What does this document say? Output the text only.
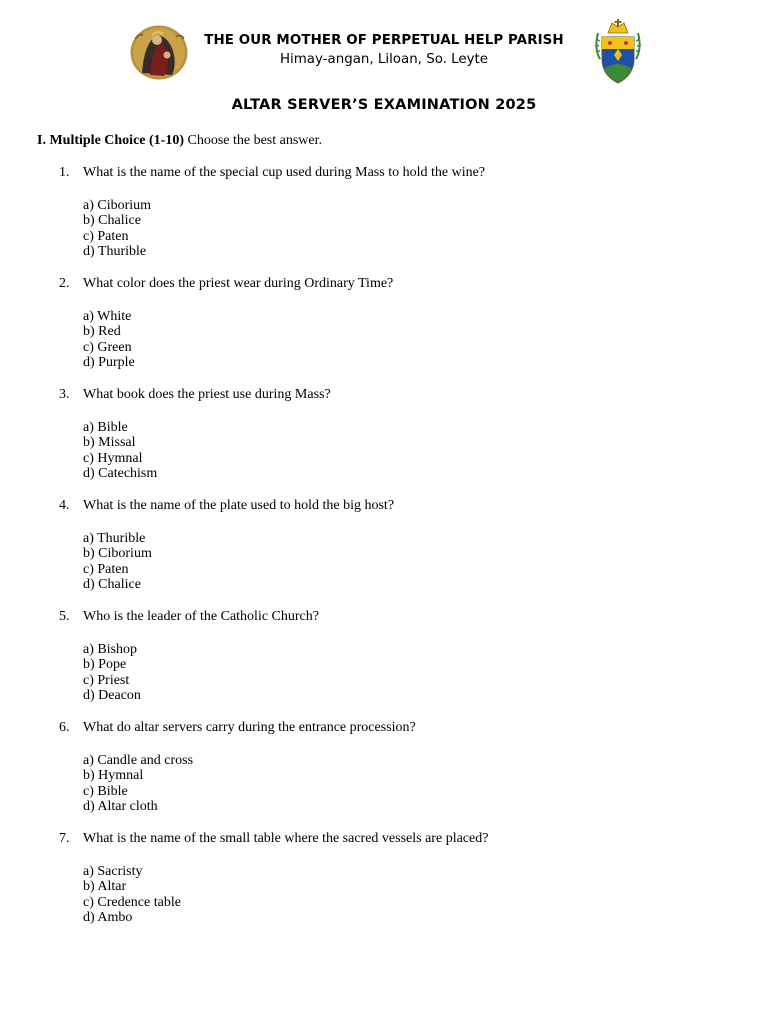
THE OUR MOTHER OF PERPETUAL HELP PARISH
Himay-angan, Liloan, So. Leyte
ALTAR SERVER’S EXAMINATION 2025
I. Multiple Choice (1-10) Choose the best answer.
1. What is the name of the special cup used during Mass to hold the wine?
a) Ciborium
b) Chalice
c) Paten
d) Thurible
2. What color does the priest wear during Ordinary Time?
a) White
b) Red
c) Green
d) Purple
3. What book does the priest use during Mass?
a) Bible
b) Missal
c) Hymnal
d) Catechism
4. What is the name of the plate used to hold the big host?
a) Thurible
b) Ciborium
c) Paten
d) Chalice
5. Who is the leader of the Catholic Church?
a) Bishop
b) Pope
c) Priest
d) Deacon
6. What do altar servers carry during the entrance procession?
a) Candle and cross
b) Hymnal
c) Bible
d) Altar cloth
7. What is the name of the small table where the sacred vessels are placed?
a) Sacristy
b) Altar
c) Credence table
d) Ambo
